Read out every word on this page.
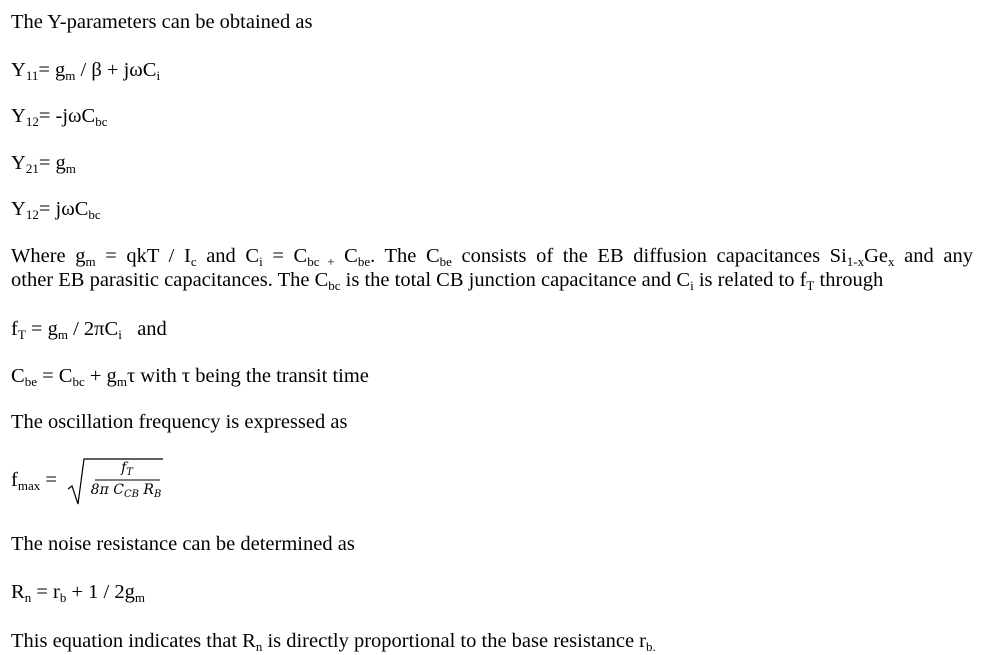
The Y-parameters can be obtained as
$Y_{11}= g_m / \beta + j\omega C_i$
$Y_{12}= -j\omega C_{bc}$
$Y_{21}= g_m$
$Y_{12}= j\omega C_{bc}$
Where $g_m$ = qkT / $I_c$ and $C_i = C_{bc}$ $_+$ $C_{be}$. The $C_{be}$ consists of the EB diffusion capacitances $Si_{1-x}Ge_x$ and any
other EB parasitic capacitances. The $C_{bc}$ is the total CB junction capacitance and $C_i$ is related to $f_T$ through
$f_T = g_m / 2\pi C_i$   and
$C_{be} = C_{bc} + g_m\tau$ with τ being the transit time
The oscillation frequency is expressed as
$f_{max}$ =
$f_T$
8π $C_{CB}$ $R_B$
The noise resistance can be determined as
$R_n = r_b + 1 / 2g_m$
This equation indicates that $R_n$ is directly proportional to the base resistance $r_{b.}$
